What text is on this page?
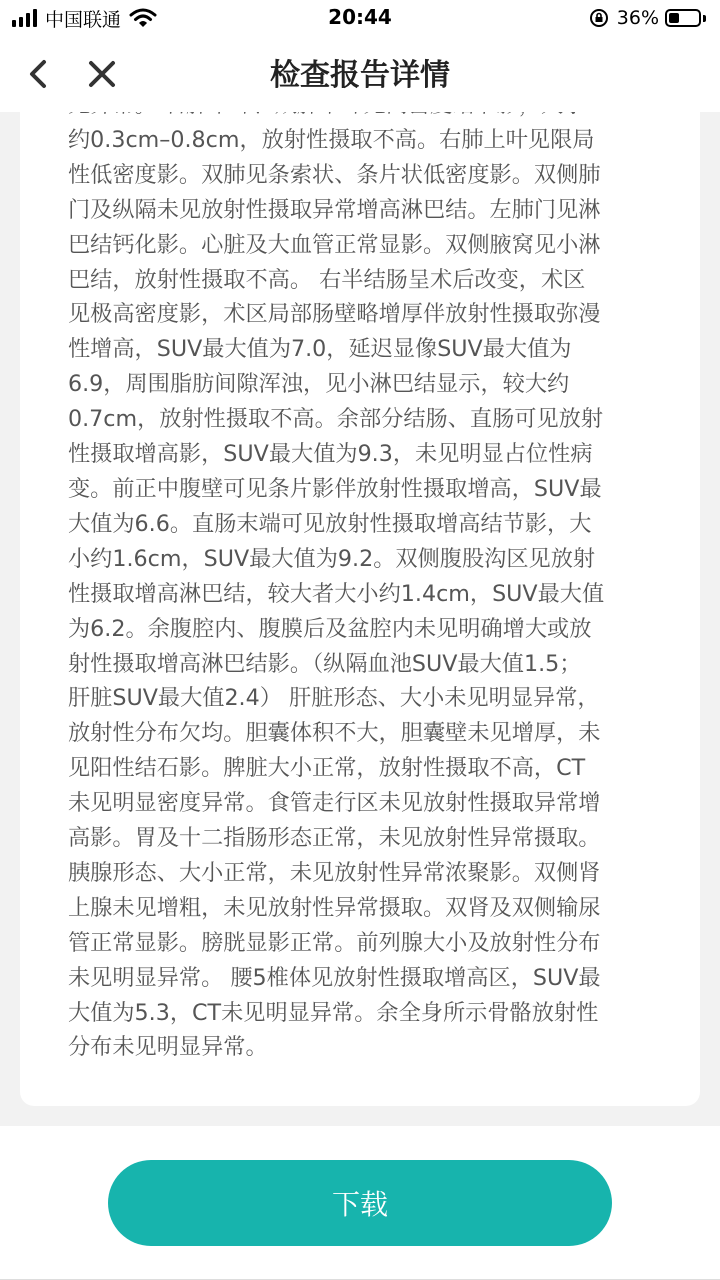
中国联通	20:44	36%
检查报告详情

约0.3cm–0.8cm，放射性摄取不高。右肺上叶见限局
性低密度影。双肺见条索状、条片状低密度影。双侧肺
门及纵隔未见放射性摄取异常增高淋巴结。左肺门见淋
巴结钙化影。心脏及大血管正常显影。双侧腋窝见小淋
巴结，放射性摄取不高。 右半结肠呈术后改变，术区
见极高密度影，术区局部肠壁略增厚伴放射性摄取弥漫
性增高，SUV最大值为7.0，延迟显像SUV最大值为
6.9，周围脂肪间隙浑浊，见小淋巴结显示，较大约
0.7cm，放射性摄取不高。余部分结肠、直肠可见放射
性摄取增高影，SUV最大值为9.3，未见明显占位性病
变。前正中腹壁可见条片影伴放射性摄取增高，SUV最
大值为6.6。直肠末端可见放射性摄取增高结节影，大
小约1.6cm，SUV最大值为9.2。双侧腹股沟区见放射
性摄取增高淋巴结，较大者大小约1.4cm，SUV最大值
为6.2。余腹腔内、腹膜后及盆腔内未见明确增大或放
射性摄取增高淋巴结影。（纵隔血池SUV最大值1.5；
肝脏SUV最大值2.4） 肝脏形态、大小未见明显异常，
放射性分布欠均。胆囊体积不大，胆囊壁未见增厚，未
见阳性结石影。脾脏大小正常，放射性摄取不高，CT
未见明显密度异常。食管走行区未见放射性摄取异常增
高影。胃及十二指肠形态正常，未见放射性异常摄取。
胰腺形态、大小正常，未见放射性异常浓聚影。双侧肾
上腺未见增粗，未见放射性异常摄取。双肾及双侧输尿
管正常显影。膀胱显影正常。前列腺大小及放射性分布
未见明显异常。 腰5椎体见放射性摄取增高区，SUV最
大值为5.3，CT未见明显异常。余全身所示骨骼放射性
分布未见明显异常。

下载
